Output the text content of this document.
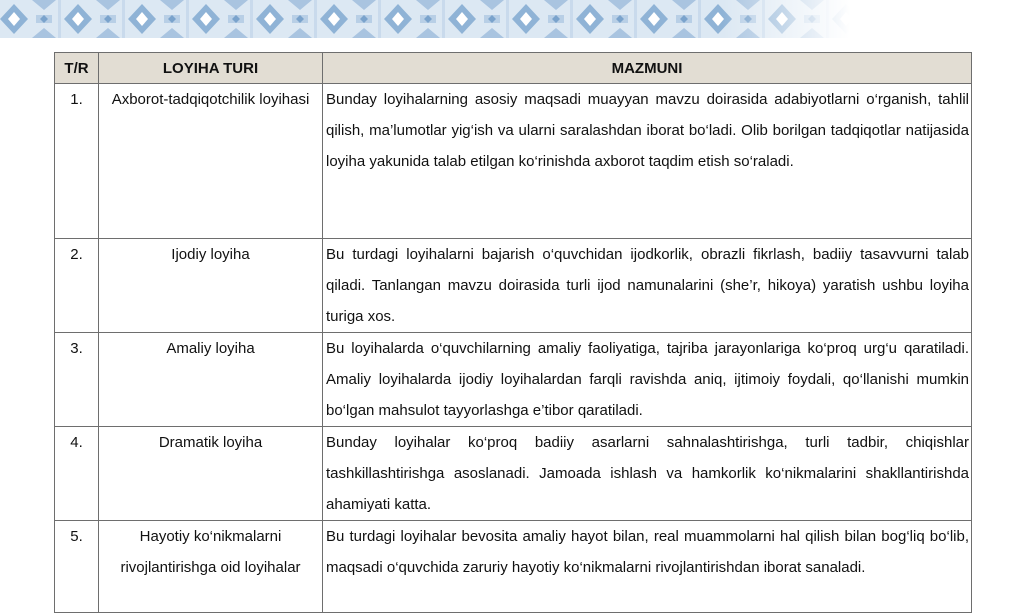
T/R	LOYIHA TURI	MAZMUNI
1.	Axborot-tadqiqotchilik loyihasi	Bunday loyihalarning asosiy maqsadi muayyan mavzu doirasida adabiyotlarni o‘rganish, tahlil qilish, ma’lumotlar yig‘ish va ularni saralashdan iborat bo‘ladi. Olib borilgan tadqiqotlar natijasida loyiha yakunida talab etilgan ko‘rinishda axborot taqdim etish so‘raladi.
2.	Ijodiy loyiha	Bu turdagi loyihalarni bajarish o‘quvchidan ijodkorlik, obrazli fikrlash, badiiy tasavvurni talab qiladi. Tanlangan mavzu doirasida turli ijod namunalarini (she’r, hikoya) yaratish ushbu loyiha turiga xos.
3.	Amaliy loyiha	Bu loyihalarda o‘quvchilarning amaliy faoliyatiga, tajriba jarayonlariga ko‘proq urg‘u qaratiladi. Amaliy loyihalarda ijodiy loyihalardan farqli ravishda aniq, ijtimoiy foydali, qo‘llanishi mumkin bo‘lgan mahsulot tayyorlashga e’tibor qaratiladi.
4.	Dramatik loyiha	Bunday loyihalar ko‘proq badiiy asarlarni sahnalashtirishga, turli tadbir, chiqishlar tashkillashtirishga asoslanadi. Jamoada ishlash va hamkorlik ko‘nikmalarini shakllantirishda ahamiyati katta.
5.	Hayotiy ko‘nikmalarni rivojlantirishga oid loyihalar	Bu turdagi loyihalar bevosita amaliy hayot bilan, real muammolarni hal qilish bilan bog‘liq bo‘lib, maqsadi o‘quvchida zaruriy hayotiy ko‘nikmalarni rivojlantirishdan iborat sanaladi.
